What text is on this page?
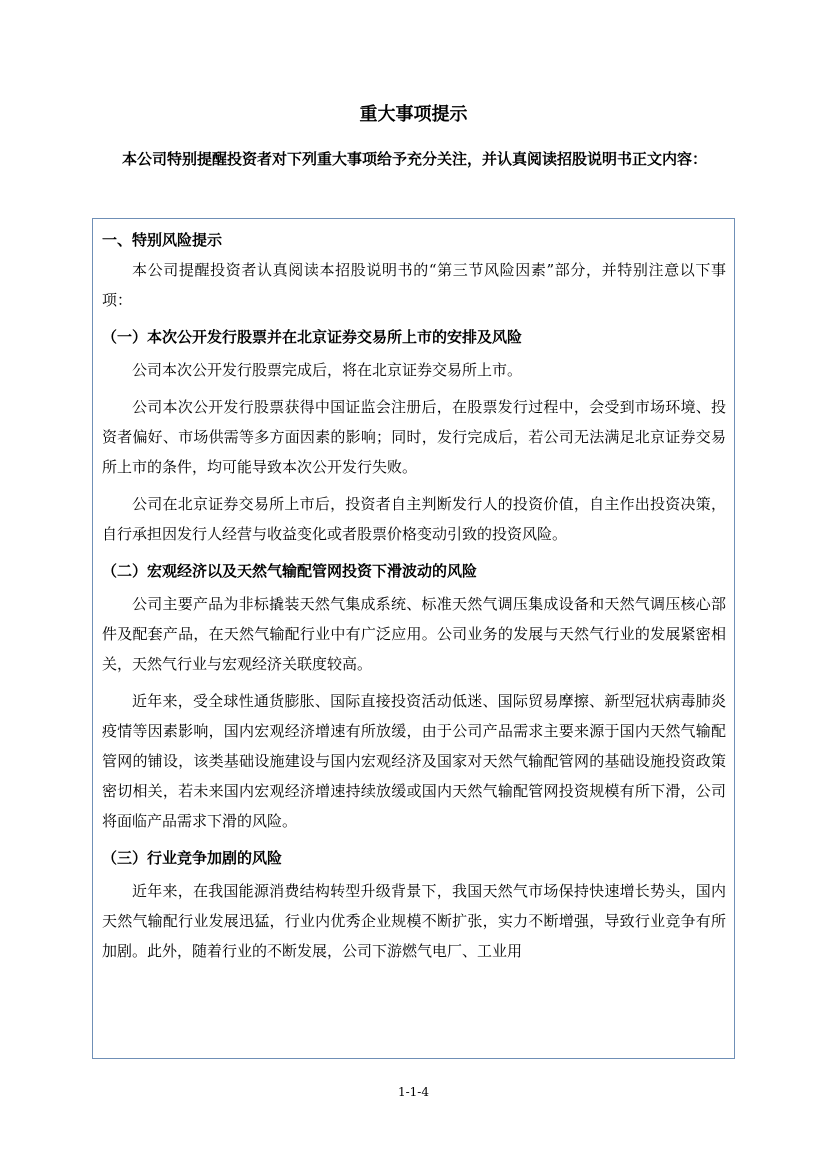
重大事项提示
本公司特别提醒投资者对下列重大事项给予充分关注，并认真阅读招股说明书正文内容：
一、特别风险提示

本公司提醒投资者认真阅读本招股说明书的“第三节风险因素”部分，并特别注意以下事项：

（一）本次公开发行股票并在北京证券交易所上市的安排及风险

公司本次公开发行股票完成后，将在北京证券交易所上市。

公司本次公开发行股票获得中国证监会注册后，在股票发行过程中，会受到市场环境、投资者偏好、市场供需等多方面因素的影响；同时，发行完成后，若公司无法满足北京证券交易所上市的条件，均可能导致本次公开发行失败。

公司在北京证券交易所上市后，投资者自主判断发行人的投资价值，自主作出投资决策，自行承担因发行人经营与收益变化或者股票价格变动引致的投资风险。

（二）宏观经济以及天然气输配管网投资下滑波动的风险

公司主要产品为非标撬装天然气集成系统、标准天然气调压集成设备和天然气调压核心部件及配套产品，在天然气输配行业中有广泛应用。公司业务的发展与天然气行业的发展紧密相关，天然气行业与宏观经济关联度较高。

近年来，受全球性通货膨胀、国际直接投资活动低迷、国际贸易摩擦、新型冠状病毒肺炎疫情等因素影响，国内宏观经济增速有所放缓，由于公司产品需求主要来源于国内天然气输配管网的铺设，该类基础设施建设与国内宏观经济及国家对天然气输配管网的基础设施投资政策密切相关，若未来国内宏观经济增速持续放缓或国内天然气输配管网投资规模有所下滑，公司将面临产品需求下滑的风险。

（三）行业竞争加剧的风险

近年来，在我国能源消费结构转型升级背景下，我国天然气市场保持快速增长势头，国内天然气输配行业发展迅猛，行业内优秀企业规模不断扩张，实力不断增强，导致行业竞争有所加剧。此外，随着行业的不断发展，公司下游燃气电厂、工业用

1-1-4
